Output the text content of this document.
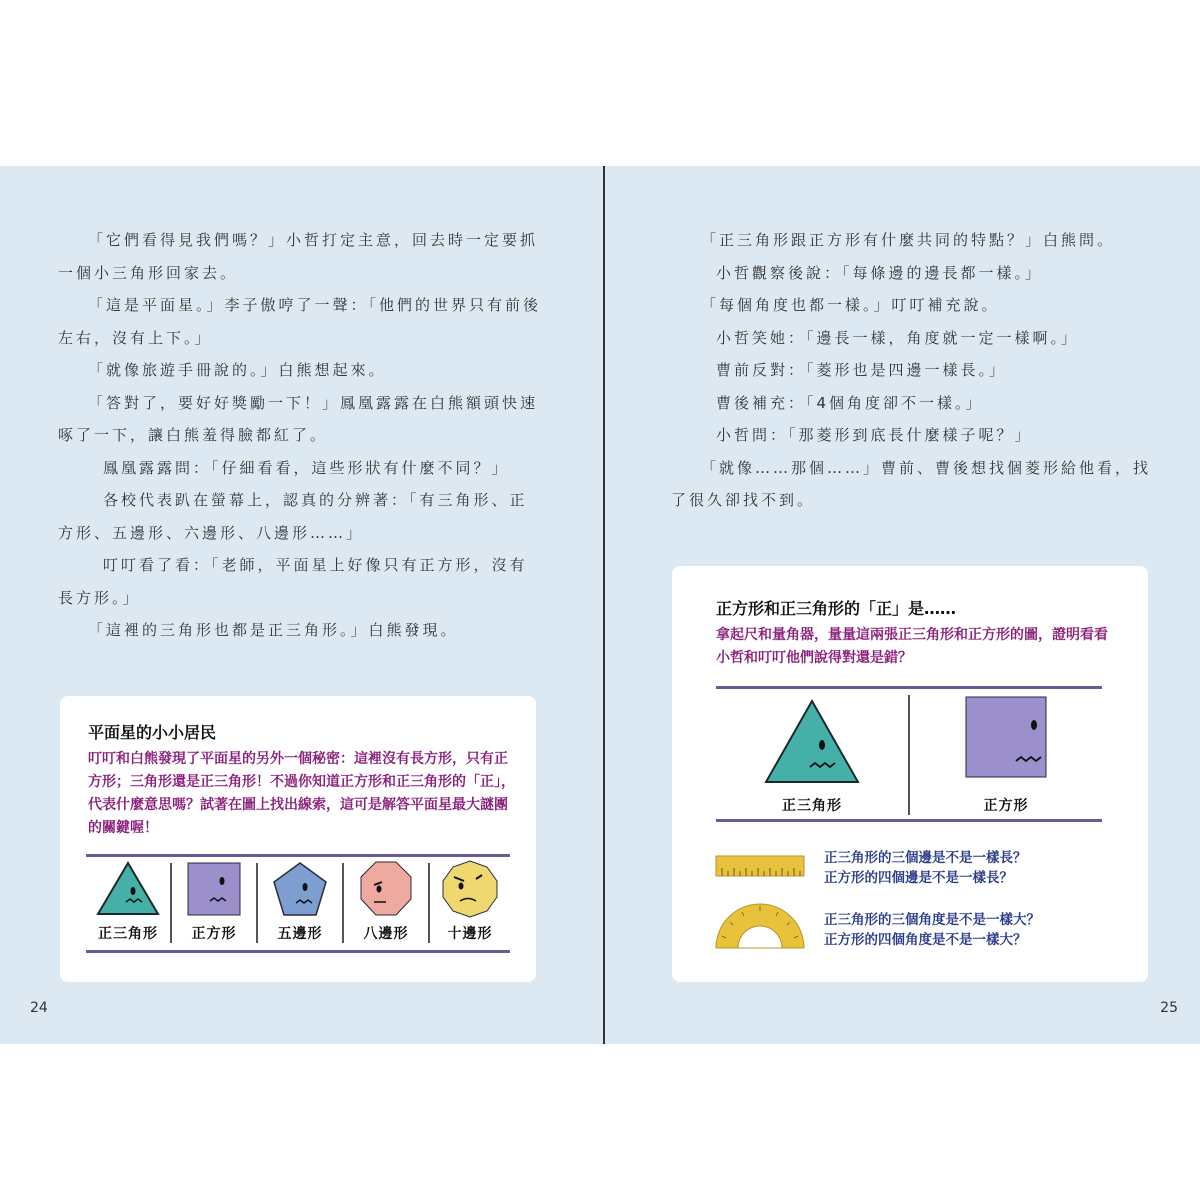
「它們看得見我們嗎？」小哲打定主意，回去時一定要抓一個小三角形回家去。

「這是平面星。」李子傲哼了一聲：「他們的世界只有前後左右，沒有上下。」

「就像旅遊手冊說的。」白熊想起來。

「答對了，要好好獎勵一下！」鳳凰露露在白熊額頭快速啄了一下，讓白熊羞得臉都紅了。

鳳凰露露問：「仔細看看，這些形狀有什麼不同？」

各校代表趴在螢幕上，認真的分辨著：「有三角形、正方形、五邊形、六邊形、八邊形……」

叮叮看了看：「老師，平面星上好像只有正方形，沒有長方形。」

「這裡的三角形也都是正三角形。」白熊發現。

平面星的小小居民
叮叮和白熊發現了平面星的另外一個秘密：這裡沒有長方形，只有正方形；三角形還是正三角形！不過你知道正方形和正三角形的「正」，代表什麼意思嗎？試著在圖上找出線索，這可是解答平面星最大謎團的關鍵喔！
正三角形	正方形	五邊形	八邊形	十邊形
24

「正三角形跟正方形有什麼共同的特點？」白熊問。

小哲觀察後說：「每條邊的邊長都一樣。」

「每個角度也都一樣。」叮叮補充說。

小哲笑她：「邊長一樣，角度就一定一樣啊。」

曹前反對：「菱形也是四邊一樣長。」

曹後補充：「4個角度卻不一樣。」

小哲問：「那菱形到底長什麼樣子呢？」

「就像……那個……」曹前、曹後想找個菱形給他看，找了很久卻找不到。

正方形和正三角形的「正」是……
拿起尺和量角器，量量這兩張正三角形和正方形的圖，證明看看小哲和叮叮他們說得對還是錯？
正三角形	正方形
正三角形的三個邊是不是一樣長？
正方形的四個邊是不是一樣長？
正三角形的三個角度是不是一樣大？
正方形的四個角度是不是一樣大？
25
